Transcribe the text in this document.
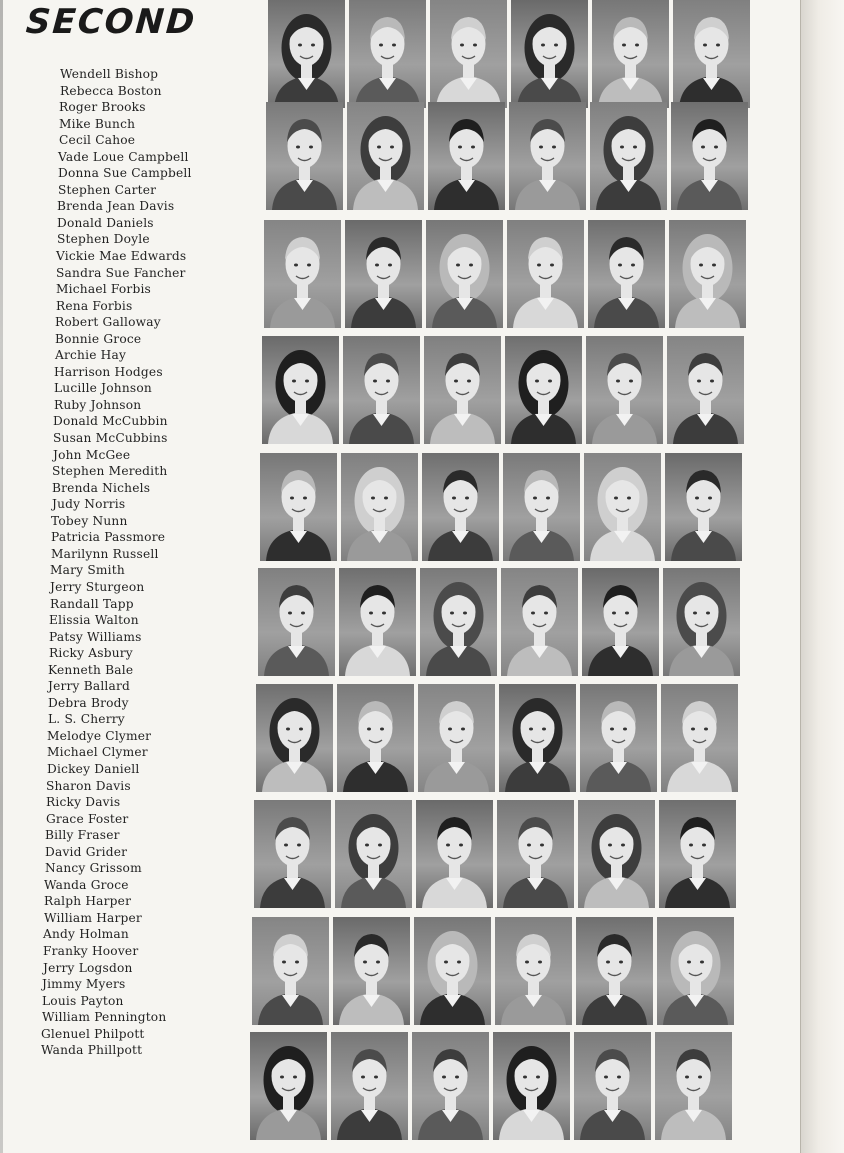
SECOND
Wendell Bishop
Rebecca Boston
Roger Brooks
Mike Bunch
Cecil Cahoe
Vade Loue Campbell
Donna Sue Campbell
Stephen Carter
Brenda Jean Davis
Donald Daniels
Stephen Doyle
Vickie Mae Edwards
Sandra Sue Fancher
Michael Forbis
Rena Forbis
Robert Galloway
Bonnie Groce
Archie Hay
Harrison Hodges
Lucille Johnson
Ruby Johnson
Donald McCubbin
Susan McCubbins
John McGee
Stephen Meredith
Brenda Nichels
Judy Norris
Tobey Nunn
Patricia Passmore
Marilynn Russell
Mary Smith
Jerry Sturgeon
Randall Tapp
Elissia Walton
Patsy Williams
Ricky Asbury
Kenneth Bale
Jerry Ballard
Debra Brody
L. S. Cherry
Melodye Clymer
Michael Clymer
Dickey Daniell
Sharon Davis
Ricky Davis
Grace Foster
Billy Fraser
David Grider
Nancy Grissom
Wanda Groce
Ralph Harper
William Harper
Andy Holman
Franky Hoover
Jerry Logsdon
Jimmy Myers
Louis Payton
William Pennington
Glenuel Philpott
Wanda Phillpott
